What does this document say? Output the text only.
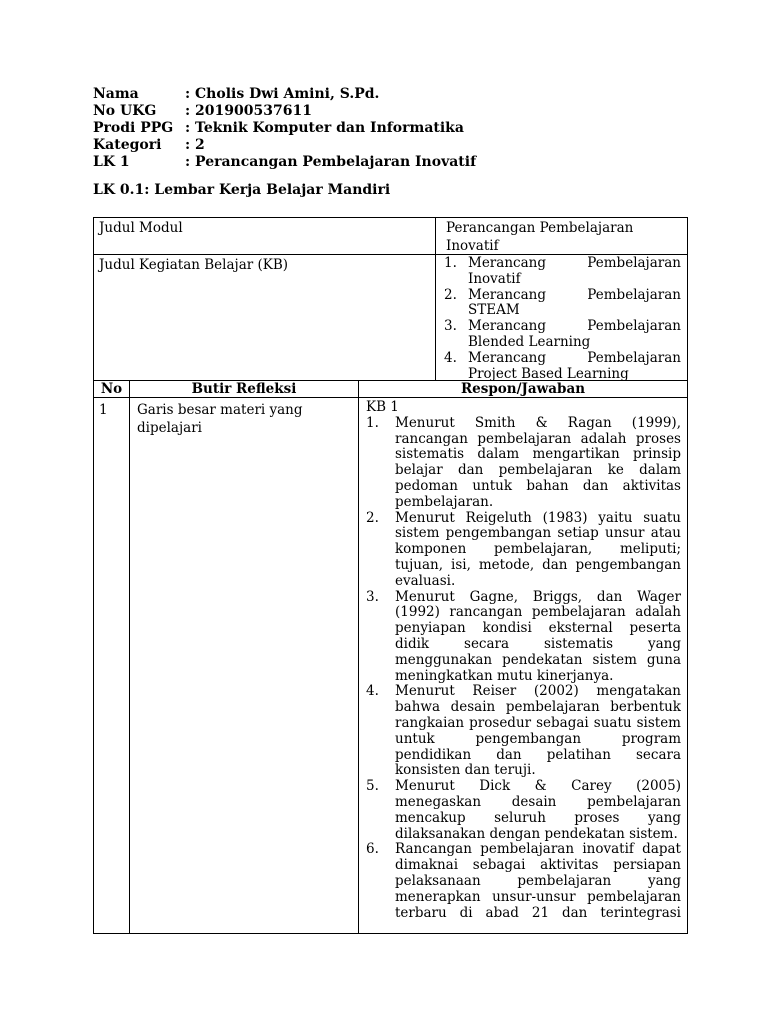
Nama	: Cholis Dwi Amini, S.Pd.
No UKG	: 201900537611
Prodi PPG : Teknik Komputer dan Informatika
Kategori	: 2
LK 1	: Perancangan Pembelajaran Inovatif
LK 0.1: Lembar Kerja Belajar Mandiri
Judul Modul	Perancangan Pembelajaran Inovatif
Judul Kegiatan Belajar (KB)	1. Merancang Pembelajaran Inovatif
2. Merancang Pembelajaran STEAM
3. Merancang Pembelajaran Blended Learning
4. Merancang Pembelajaran Project Based Learning
No	Butir Refleksi	Respon/Jawaban
1	Garis besar materi yang dipelajari
KB 1
1.	Menurut Smith & Ragan (1999), rancangan pembelajaran adalah proses sistematis dalam mengartikan prinsip belajar dan pembelajaran ke dalam pedoman untuk bahan dan aktivitas pembelajaran.
2.	Menurut Reigeluth (1983) yaitu suatu sistem pengembangan setiap unsur atau komponen pembelajaran, meliputi; tujuan, isi, metode, dan pengembangan evaluasi.
3.	Menurut Gagne, Briggs, dan Wager (1992) rancangan pembelajaran adalah penyiapan kondisi eksternal peserta didik secara sistematis yang menggunakan pendekatan sistem guna meningkatkan mutu kinerjanya.
4.	Menurut Reiser (2002) mengatakan bahwa desain pembelajaran berbentuk rangkaian prosedur sebagai suatu sistem untuk pengembangan program pendidikan dan pelatihan secara konsisten dan teruji.
5.	Menurut Dick & Carey (2005) menegaskan desain pembelajaran mencakup seluruh proses yang dilaksanakan dengan pendekatan sistem.
6.	Rancangan pembelajaran inovatif dapat dimaknai sebagai aktivitas persiapan pelaksanaan pembelajaran yang menerapkan unsur-unsur pembelajaran terbaru di abad 21 dan terintegrasi
